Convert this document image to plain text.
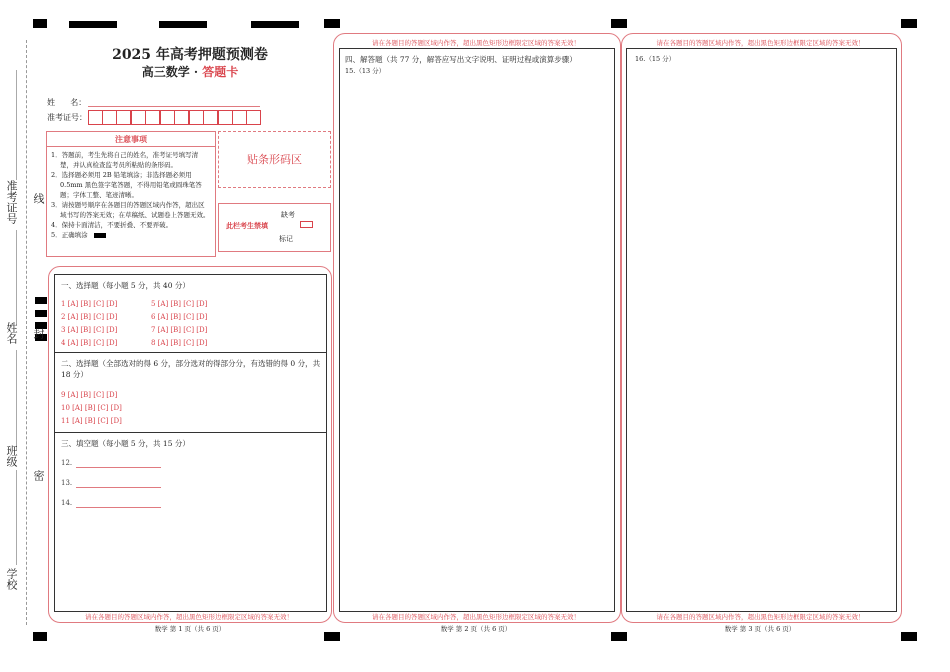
准考证号 线
姓名 封
班级
密
学校
2025 年高考押题预测卷
高三数学 · 答题卡
姓      名：
准考证号：
注意事项
1．答题前，考生先将自己的姓名，准考证号填写清楚，并认真检查监考员所粘贴的条形码。
2．选择题必须用 2B 铅笔填涂；非选择题必须用 0.5mm 黑色签字笔答题，不得用铅笔或圆珠笔答题；字体工整、笔迹清晰。
3．请按题号顺序在各题目的答题区域内作答，超出区域书写的答案无效；在草稿纸、试题卷上答题无效。
4．保持卡面清洁，不要折叠、不要弄破。
5．正确填涂
贴条形码区
此栏考生禁填
缺考
标记
一、选择题（每小题 5 分，共 40 分）
1 [A] [B] [C] [D]
2 [A] [B] [C] [D]
3 [A] [B] [C] [D]
4 [A] [B] [C] [D]
5 [A] [B] [C] [D]
6 [A] [B] [C] [D]
7 [A] [B] [C] [D]
8 [A] [B] [C] [D]
二、选择题（全部选对的得 6 分，部分选对的得部分分，有选错的得 0 分，共 18 分）
9 [A] [B] [C] [D]
10 [A] [B] [C] [D]
11 [A] [B] [C] [D]
三、填空题（每小题 5 分，共 15 分）
12.
13.
14.
请在各题目的答题区域内作答，超出黑色矩形边框限定区域的答案无效！
数学 第 1 页（共 6 页）
请在各题目的答题区域内作答，超出黑色矩形边框限定区域的答案无效！
四、解答题（共 77 分，解答应写出文字说明、证明过程或演算步骤）
15.（13 分）
请在各题目的答题区域内作答，超出黑色矩形边框限定区域的答案无效！
数学 第 2 页（共 6 页）
请在各题目的答题区域内作答，超出黑色矩形边框限定区域的答案无效！
16.（15 分）
请在各题目的答题区域内作答，超出黑色矩形边框限定区域的答案无效！
数学 第 3 页（共 6 页）
